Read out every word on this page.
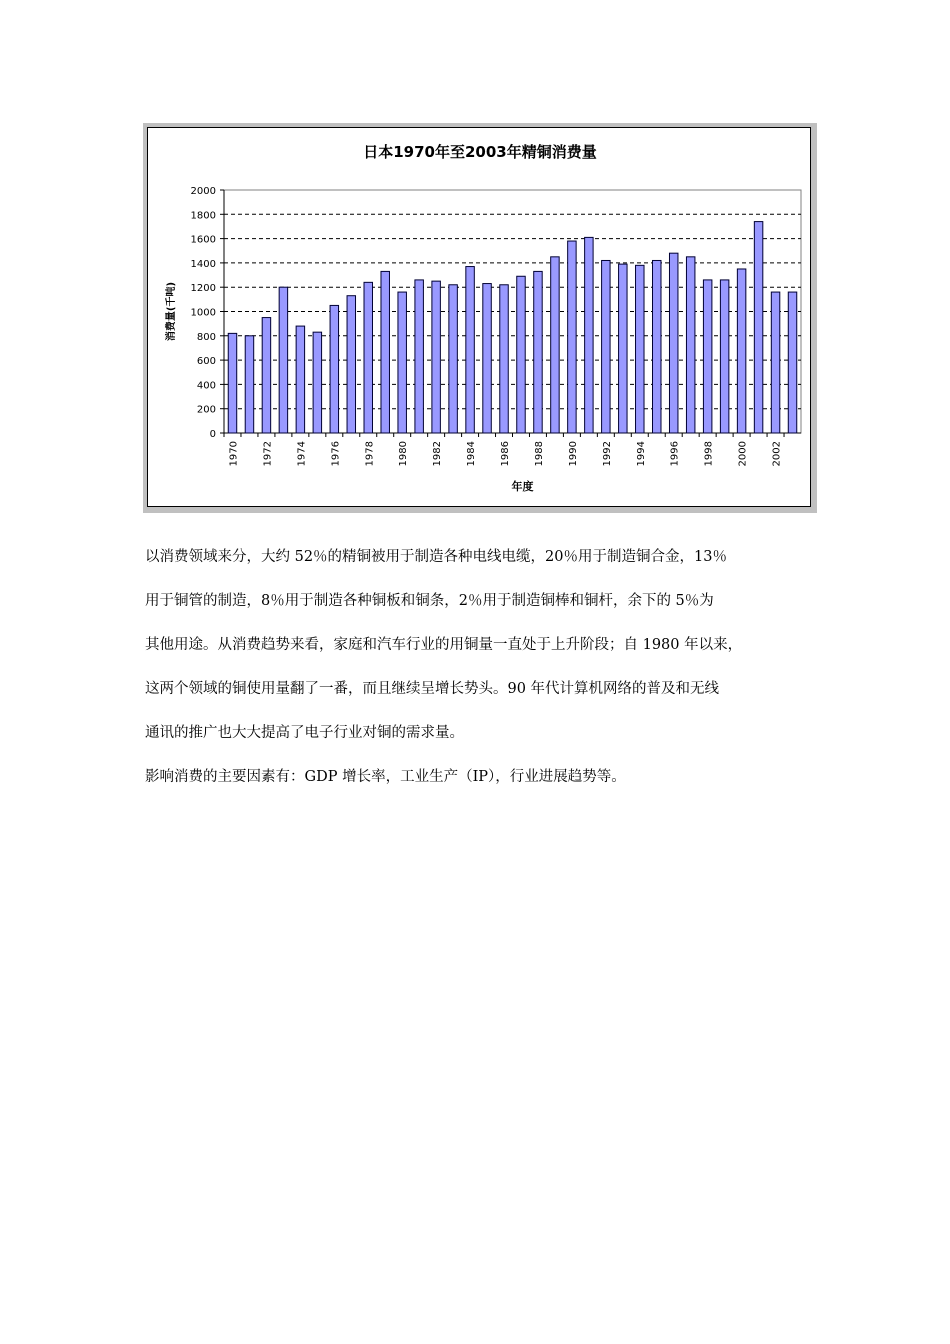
日本1970年至2003年精铜消费量
0
200
400
600
800
1000
1200
1400
1600
1800
2000
1970 1972 1974 1976 1978 1980 1982 1984 1986 1988 1990 1992 1994 1996 1998 2000 2002
年度
消费量(千吨)
以消费领域来分，大约 52％的精铜被用于制造各种电线电缆，20％用于制造铜合金，13％
用于铜管的制造，8％用于制造各种铜板和铜条，2％用于制造铜棒和铜杆，余下的 5％为
其他用途。从消费趋势来看，家庭和汽车行业的用铜量一直处于上升阶段；自 1980 年以来，
这两个领域的铜使用量翻了一番，而且继续呈增长势头。90 年代计算机网络的普及和无线
通讯的推广也大大提高了电子行业对铜的需求量。
影响消费的主要因素有：GDP 增长率，工业生产（IP），行业进展趋势等。
